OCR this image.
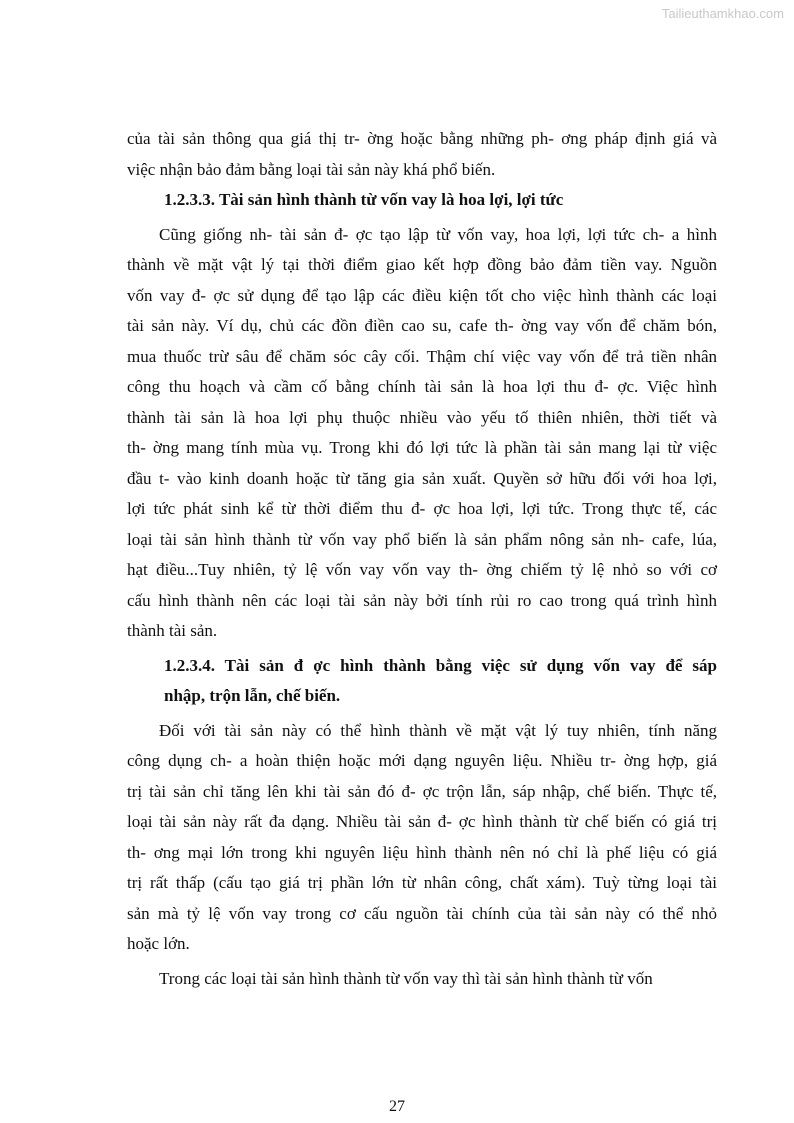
Tailieuthamkhao.com

của tài sản thông qua giá thị tr- ờng hoặc bằng những ph- ơng pháp định giá và
việc nhận bảo đảm bằng loại tài sản này khá phổ biến.

1.2.3.3. Tài sản hình thành từ vốn vay là hoa lợi, lợi tức

Cũng giống nh- tài sản đ- ợc tạo lập từ vốn vay, hoa lợi, lợi tức ch- a hình
thành về mặt vật lý tại thời điểm giao kết hợp đồng bảo đảm tiền vay. Nguồn
vốn vay đ- ợc sử dụng để tạo lập các điều kiện tốt cho việc hình thành các loại
tài sản này. Ví dụ, chủ các đồn điền cao su, cafe th- ờng vay vốn để chăm bón,
mua thuốc trừ sâu để chăm sóc cây cối. Thậm chí việc vay vốn để trả tiền nhân
công thu hoạch và cầm cố bằng chính tài sản là hoa lợi thu đ- ợc. Việc hình
thành tài sản là hoa lợi phụ thuộc nhiều vào yếu tố thiên nhiên, thời tiết và
th- ờng mang tính mùa vụ. Trong khi đó lợi tức là phần tài sản mang lại từ việc
đầu t- vào kinh doanh hoặc từ tăng gia sản xuất. Quyền sở hữu đối với hoa lợi,
lợi tức phát sinh kể từ thời điểm thu đ- ợc hoa lợi, lợi tức. Trong thực tế, các
loại tài sản hình thành từ vốn vay phổ biến là sản phẩm nông sản nh- cafe, lúa,
hạt điều...Tuy nhiên, tỷ lệ vốn vay vốn vay th- ờng chiếm tỷ lệ nhỏ so với cơ
cấu hình thành nên các loại tài sản này bởi tính rủi ro cao trong quá trình hình
thành tài sản.

1.2.3.4. Tài sản đ ợc hình thành bằng việc sử dụng vốn vay để sáp
nhập, trộn lẫn, chế biến.

Đối với tài sản này có thể hình thành về mặt vật lý tuy nhiên, tính năng
công dụng ch- a hoàn thiện hoặc mới dạng nguyên liệu. Nhiều tr- ờng hợp, giá
trị tài sản chỉ tăng lên khi tài sản đó đ- ợc trộn lẫn, sáp nhập, chế biến. Thực tế,
loại tài sản này rất đa dạng. Nhiều tài sản đ- ợc hình thành từ chế biến có giá trị
th- ơng mại lớn trong khi nguyên liệu hình thành nên nó chỉ là phế liệu có giá
trị rất thấp (cấu tạo giá trị phần lớn từ nhân công, chất xám). Tuỳ từng loại tài
sản mà tỷ lệ vốn vay trong cơ cấu nguồn tài chính của tài sản này có thể nhỏ
hoặc lớn.

Trong các loại tài sản hình thành từ vốn vay thì tài sản hình thành từ vốn

27
